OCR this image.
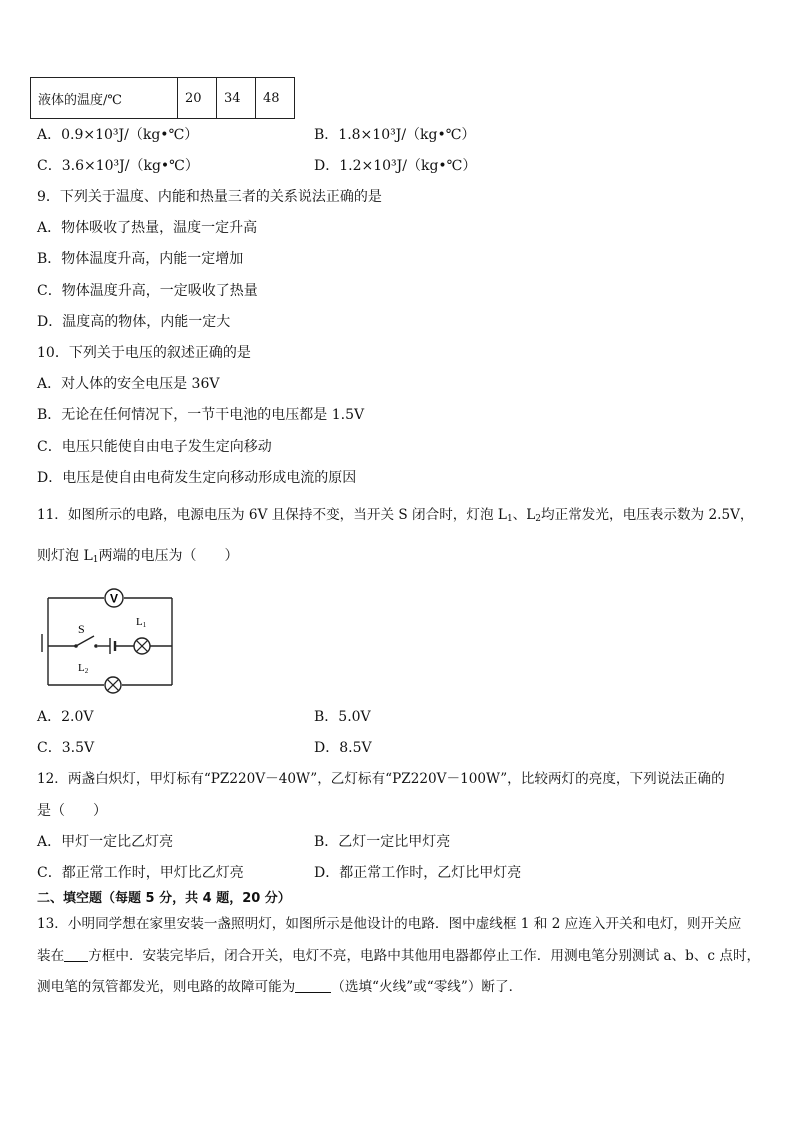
液体的温度/℃	20	34	48
A．0.9×10³J/（kg•℃）	B．1.8×10³J/（kg•℃）
C．3.6×10³J/（kg•℃）	D．1.2×10³J/（kg•℃）
9．下列关于温度、内能和热量三者的关系说法正确的是
A．物体吸收了热量，温度一定升高
B．物体温度升高，内能一定增加
C．物体温度升高，一定吸收了热量
D．温度高的物体，内能一定大
10．下列关于电压的叙述正确的是
A．对人体的安全电压是 36V
B．无论在任何情况下，一节干电池的电压都是 1.5V
C．电压只能使自由电子发生定向移动
D．电压是使自由电荷发生定向移动形成电流的原因
11．如图所示的电路，电源电压为 6V 且保持不变，当开关 S 闭合时，灯泡 $L_1$、$L_2$均正常发光，电压表示数为 2.5V，
则灯泡 $L_1$两端的电压为（　　）
V
S	L1
L2
A．2.0V	B．5.0V
C．3.5V	D．8.5V
12．两盏白炽灯，甲灯标有“PZ220V－40W”，乙灯标有“PZ220V－100W”，比较两灯的亮度，下列说法正确的
是（　　）
A．甲灯一定比乙灯亮	B．乙灯一定比甲灯亮
C．都正常工作时，甲灯比乙灯亮	D．都正常工作时，乙灯比甲灯亮
二、填空题（每题 5 分，共 4 题，20 分）
13．小明同学想在家里安装一盏照明灯，如图所示是他设计的电路．图中虚线框 1 和 2 应连入开关和电灯，则开关应
装在 方框中．安装完毕后，闭合开关，电灯不亮，电路中其他用电器都停止工作．用测电笔分别测试 a、b、c 点时，
测电笔的氖管都发光，则电路的故障可能为	（选填“火线”或“零线”）断了．
